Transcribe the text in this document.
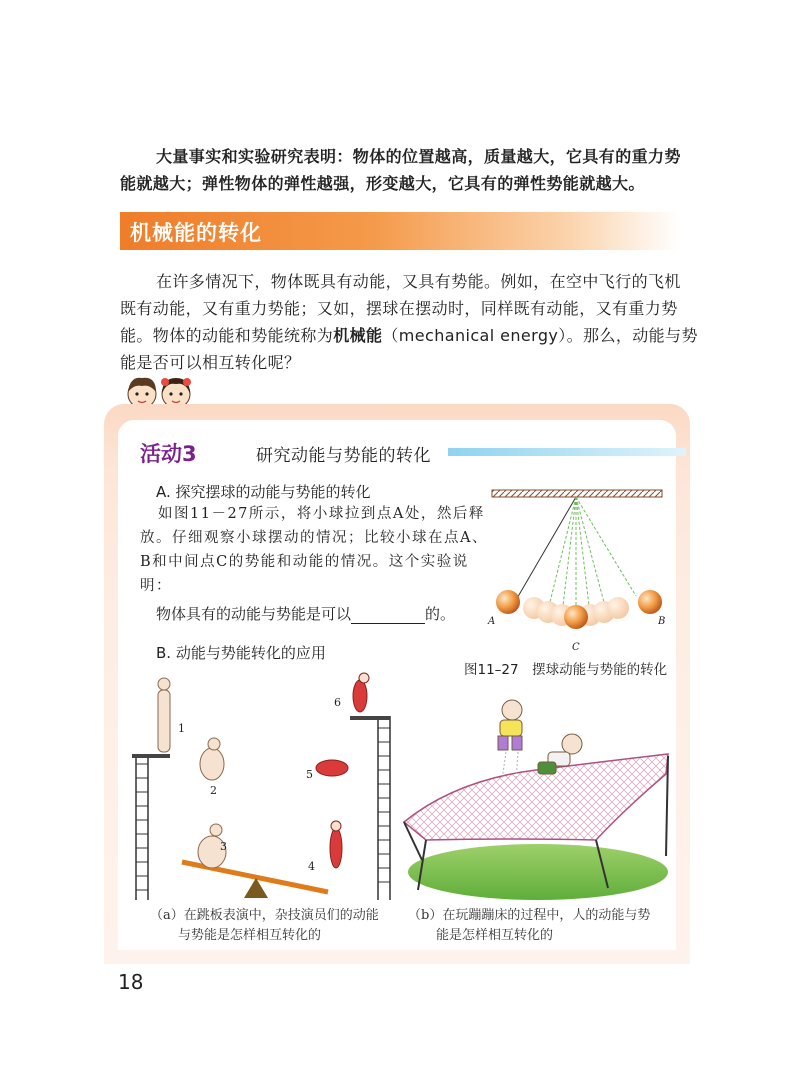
大量事实和实验研究表明：物体的位置越高，质量越大，它具有的重力势
能就越大；弹性物体的弹性越强，形变越大，它具有的弹性势能就越大。
机械能的转化
在许多情况下，物体既具有动能，又具有势能。例如，在空中飞行的飞机
既有动能，又有重力势能；又如，摆球在摆动时，同样既有动能，又有重力势
能。物体的动能和势能统称为机械能（mechanical energy）。那么，动能与势
能是否可以相互转化呢？
活动3	研究动能与势能的转化
A. 探究摆球的动能与势能的转化
如图11－27所示，将小球拉到点A处，然后释
放。仔细观察小球摆动的情况；比较小球在点A、
B和中间点C的势能和动能的情况。这个实验说
明：
物体具有的动能与势能是可以	的。	A	B
C
图11–27　摆球动能与势能的转化
B. 动能与势能转化的应用
1
2
3
4
5
6
（a）在跳板表演中，杂技演员们的动能
与势能是怎样相互转化的
（b）在玩蹦蹦床的过程中，人的动能与势
能是怎样相互转化的
18
